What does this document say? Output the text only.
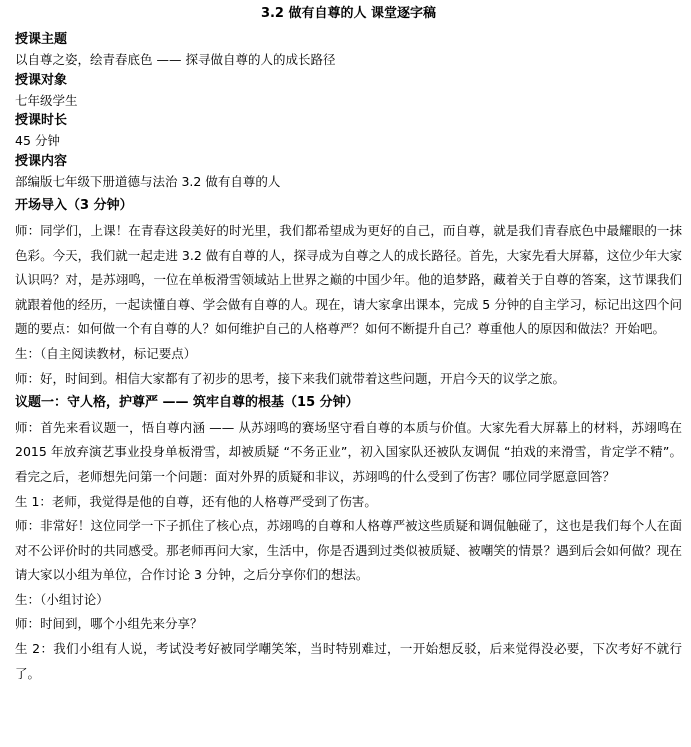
3.2 做有自尊的人 课堂逐字稿
授课主题
以自尊之姿，绘青春底色 —— 探寻做自尊的人的成长路径
授课对象
七年级学生
授课时长
45 分钟
授课内容
部编版七年级下册道德与法治 3.2 做有自尊的人
开场导入（3 分钟）
师：同学们，上课！在青春这段美好的时光里，我们都希望成为更好的自己，而自尊，就是我们青春底色中最耀眼的一抹色彩。今天，我们就一起走进 3.2 做有自尊的人，探寻成为自尊之人的成长路径。首先，大家先看大屏幕，这位少年大家认识吗？对，是苏翊鸣，一位在单板滑雪领域站上世界之巅的中国少年。他的追梦路，藏着关于自尊的答案，这节课我们就跟着他的经历，一起读懂自尊、学会做有自尊的人。现在，请大家拿出课本，完成 5 分钟的自主学习，标记出这四个问题的要点：如何做一个有自尊的人？如何维护自己的人格尊严？如何不断提升自己？尊重他人的原因和做法？开始吧。
生：（自主阅读教材，标记要点）
师：好，时间到。相信大家都有了初步的思考，接下来我们就带着这些问题，开启今天的议学之旅。
议题一：守人格，护尊严 —— 筑牢自尊的根基（15 分钟）
师：首先来看议题一，悟自尊内涵 —— 从苏翊鸣的赛场坚守看自尊的本质与价值。大家先看大屏幕上的材料，苏翊鸣在 2015 年放弃演艺事业投身单板滑雪，却被质疑 “不务正业”，初入国家队还被队友调侃 “拍戏的来滑雪，肯定学不精”。看完之后，老师想先问第一个问题：面对外界的质疑和非议，苏翊鸣的什么受到了伤害？哪位同学愿意回答？
生 1：老师，我觉得是他的自尊，还有他的人格尊严受到了伤害。
师：非常好！这位同学一下子抓住了核心点，苏翊鸣的自尊和人格尊严被这些质疑和调侃触碰了，这也是我们每个人在面对不公评价时的共同感受。那老师再问大家，生活中，你是否遇到过类似被质疑、被嘲笑的情景？遇到后会如何做？现在请大家以小组为单位，合作讨论 3 分钟，之后分享你们的想法。
生：（小组讨论）
师：时间到，哪个小组先来分享？
生 2：我们小组有人说，考试没考好被同学嘲笑笨，当时特别难过，一开始想反驳，后来觉得没必要，下次考好不就行了。
